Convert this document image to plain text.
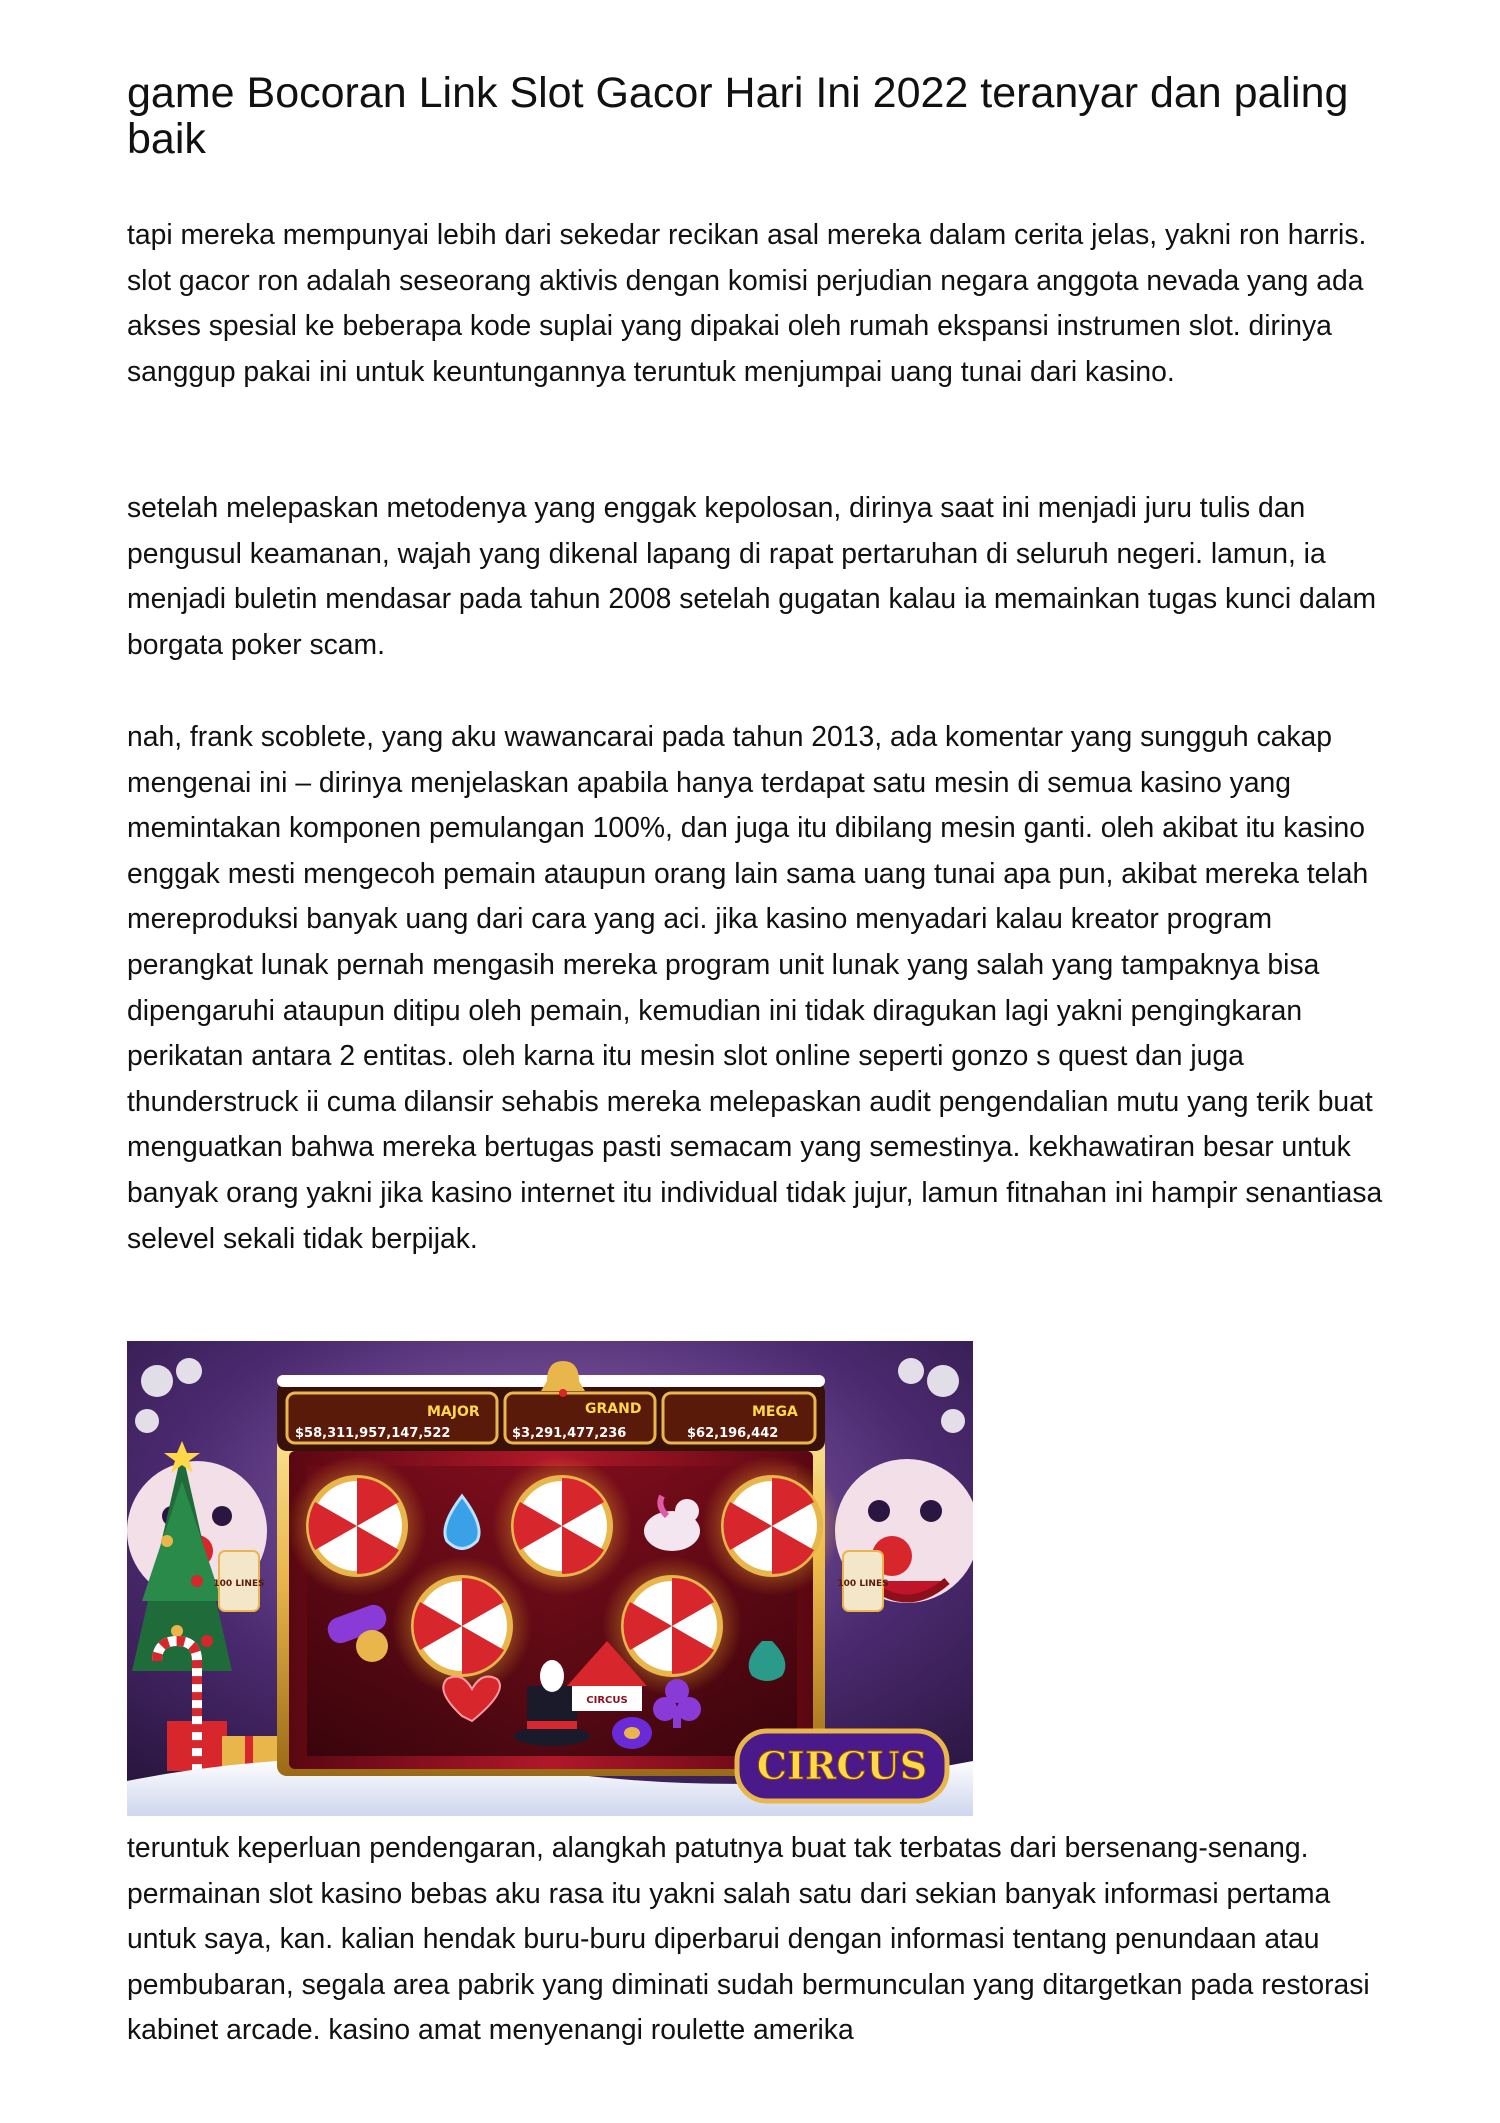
game Bocoran Link Slot Gacor Hari Ini 2022 teranyar dan paling baik

tapi mereka mempunyai lebih dari sekedar recikan asal mereka dalam cerita jelas, yakni ron harris. slot gacor ron adalah seseorang aktivis dengan komisi perjudian negara anggota nevada yang ada akses spesial ke beberapa kode suplai yang dipakai oleh rumah ekspansi instrumen slot. dirinya sanggup pakai ini untuk keuntungannya teruntuk menjumpai uang tunai dari kasino.

setelah melepaskan metodenya yang enggak kepolosan, dirinya saat ini menjadi juru tulis dan pengusul keamanan, wajah yang dikenal lapang di rapat pertaruhan di seluruh negeri. lamun, ia menjadi buletin mendasar pada tahun 2008 setelah gugatan kalau ia memainkan tugas kunci dalam borgata poker scam.

nah, frank scoblete, yang aku wawancarai pada tahun 2013, ada komentar yang sungguh cakap mengenai ini – dirinya menjelaskan apabila hanya terdapat satu mesin di semua kasino yang memintakan komponen pemulangan 100%, dan juga itu dibilang mesin ganti. oleh akibat itu kasino enggak mesti mengecoh pemain ataupun orang lain sama uang tunai apa pun, akibat mereka telah mereproduksi banyak uang dari cara yang aci. jika kasino menyadari kalau kreator program perangkat lunak pernah mengasih mereka program unit lunak yang salah yang tampaknya bisa dipengaruhi ataupun ditipu oleh pemain, kemudian ini tidak diragukan lagi yakni pengingkaran perikatan antara 2 entitas. oleh karna itu mesin slot online seperti gonzo s quest dan juga thunderstruck ii cuma dilansir sehabis mereka melepaskan audit pengendalian mutu yang terik buat menguatkan bahwa mereka bertugas pasti semacam yang semestinya. kekhawatiran besar untuk banyak orang yakni jika kasino internet itu individual tidak jujur, lamun fitnahan ini hampir senantiasa selevel sekali tidak berpijak.

MAJOR
$58,311,957,147,522
GRAND
$3,291,477,236
MEGA
$62,196,442
100 LINES	100 LINES
CIRCUS
CIRCUS

teruntuk keperluan pendengaran, alangkah patutnya buat tak terbatas dari bersenang-senang. permainan slot kasino bebas aku rasa itu yakni salah satu dari sekian banyak informasi pertama untuk saya, kan. kalian hendak buru-buru diperbarui dengan informasi tentang penundaan atau pembubaran, segala area pabrik yang diminati sudah bermunculan yang ditargetkan pada restorasi kabinet arcade. kasino amat menyenangi roulette amerika
